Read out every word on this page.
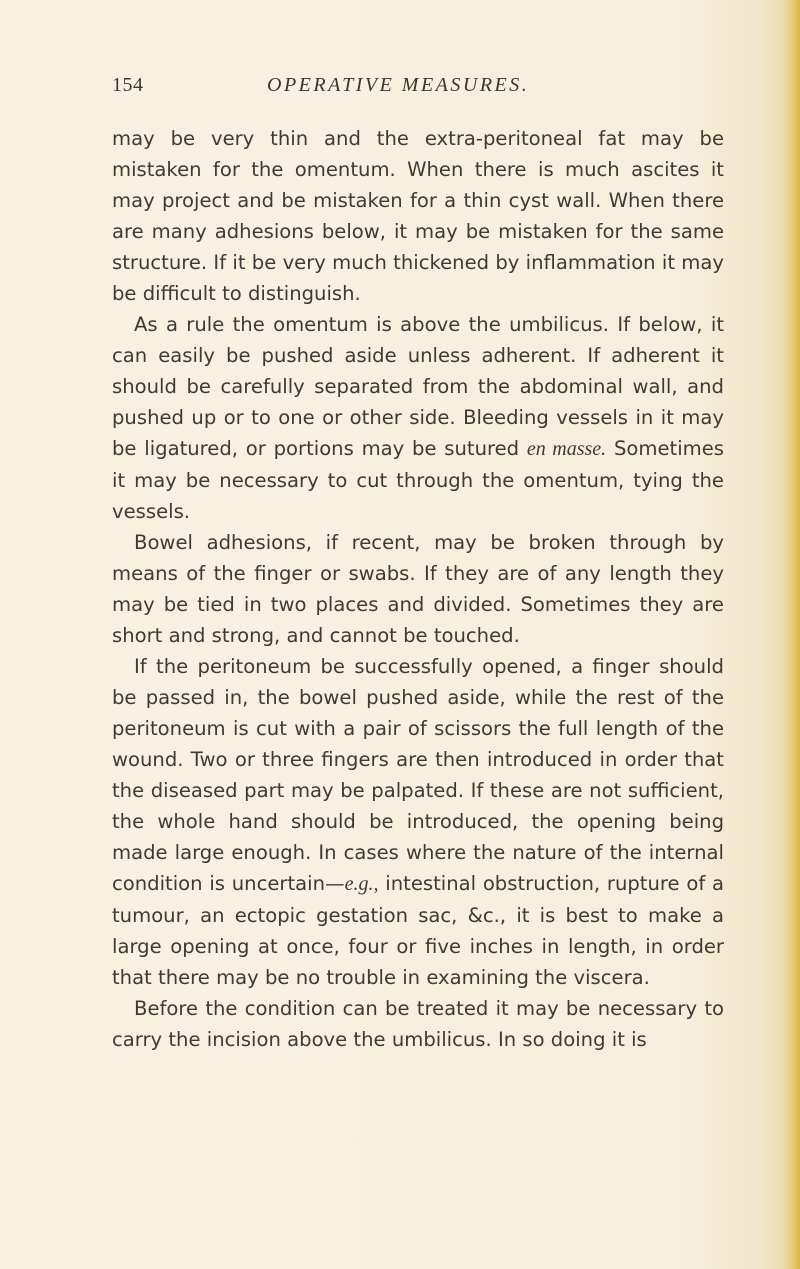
154	OPERATIVE MEASURES.

may be very thin and the extra-peritoneal fat may be mistaken for the omentum. When there is much ascites it may project and be mistaken for a thin cyst wall. When there are many adhesions below, it may be mistaken for the same structure. If it be very much thickened by inflammation it may be difficult to distinguish.

As a rule the omentum is above the umbilicus. If below, it can easily be pushed aside unless adherent. If adherent it should be carefully separated from the abdominal wall, and pushed up or to one or other side. Bleeding vessels in it may be ligatured, or portions may be sutured en masse. Sometimes it may be necessary to cut through the omentum, tying the vessels.

Bowel adhesions, if recent, may be broken through by means of the finger or swabs. If they are of any length they may be tied in two places and divided. Sometimes they are short and strong, and cannot be touched.

If the peritoneum be successfully opened, a finger should be passed in, the bowel pushed aside, while the rest of the peritoneum is cut with a pair of scissors the full length of the wound. Two or three fingers are then introduced in order that the diseased part may be palpated. If these are not sufficient, the whole hand should be introduced, the opening being made large enough. In cases where the nature of the internal condition is uncertain—e.g., intestinal obstruction, rupture of a tumour, an ectopic gestation sac, &c., it is best to make a large opening at once, four or five inches in length, in order that there may be no trouble in examining the viscera.

Before the condition can be treated it may be necessary to carry the incision above the umbilicus. In so doing it is
